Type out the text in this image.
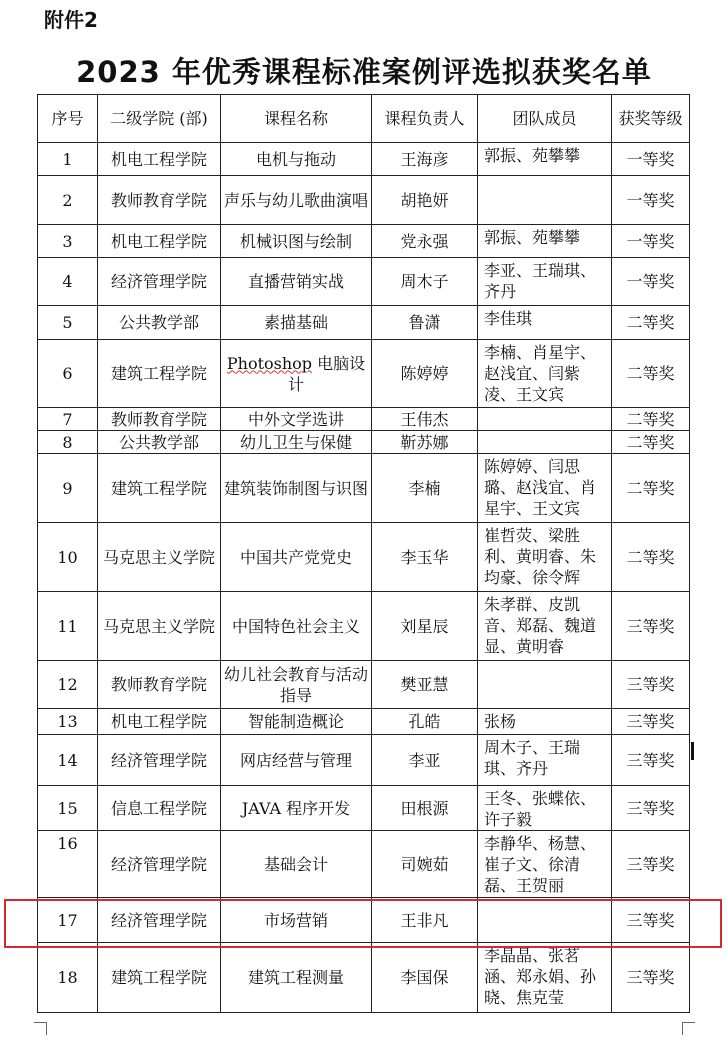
附件2
2023 年优秀课程标准案例评选拟获奖名单
序号	二级学院 (部)	课程名称	课程负责人	团队成员	获奖等级
1	机电工程学院	电机与拖动	王海彦	郭振、苑攀攀	一等奖
2	教师教育学院	声乐与幼儿歌曲演唱	胡艳妍		一等奖
3	机电工程学院	机械识图与绘制	党永强	郭振、苑攀攀	一等奖
4	经济管理学院	直播营销实战	周木子	李亚、王瑞琪、齐丹	一等奖
5	公共教学部	素描基础	鲁潇	李佳琪	二等奖
6	建筑工程学院	Photoshop 电脑设计	陈婷婷	李楠、肖星宇、赵浅宜、闫紫凌、王文宾	二等奖
7	教师教育学院	中外文学选讲	王伟杰		二等奖
8	公共教学部	幼儿卫生与保健	靳苏娜		二等奖
9	建筑工程学院	建筑装饰制图与识图	李楠	陈婷婷、闫思璐、赵浅宜、肖星宇、王文宾	二等奖
10	马克思主义学院	中国共产党党史	李玉华	崔哲荧、梁胜利、黄明睿、朱均豪、徐令辉	二等奖
11	马克思主义学院	中国特色社会主义	刘星辰	朱孝群、皮凯音、郑磊、魏道显、黄明睿	三等奖
12	教师教育学院	幼儿社会教育与活动指导	樊亚慧		三等奖
13	机电工程学院	智能制造概论	孔皓	张杨	三等奖
14	经济管理学院	网店经营与管理	李亚	周木子、王瑞琪、齐丹	三等奖
15	信息工程学院	JAVA 程序开发	田根源	王冬、张蝶依、许子毅	三等奖
16	经济管理学院	基础会计	司婉茹	李静华、杨慧、崔子文、徐清磊、王贺丽	三等奖
17	经济管理学院	市场营销	王非凡		三等奖
18	建筑工程学院	建筑工程测量	李国保	李晶晶、张茗涵、郑永娟、孙晓、焦克莹	三等奖
